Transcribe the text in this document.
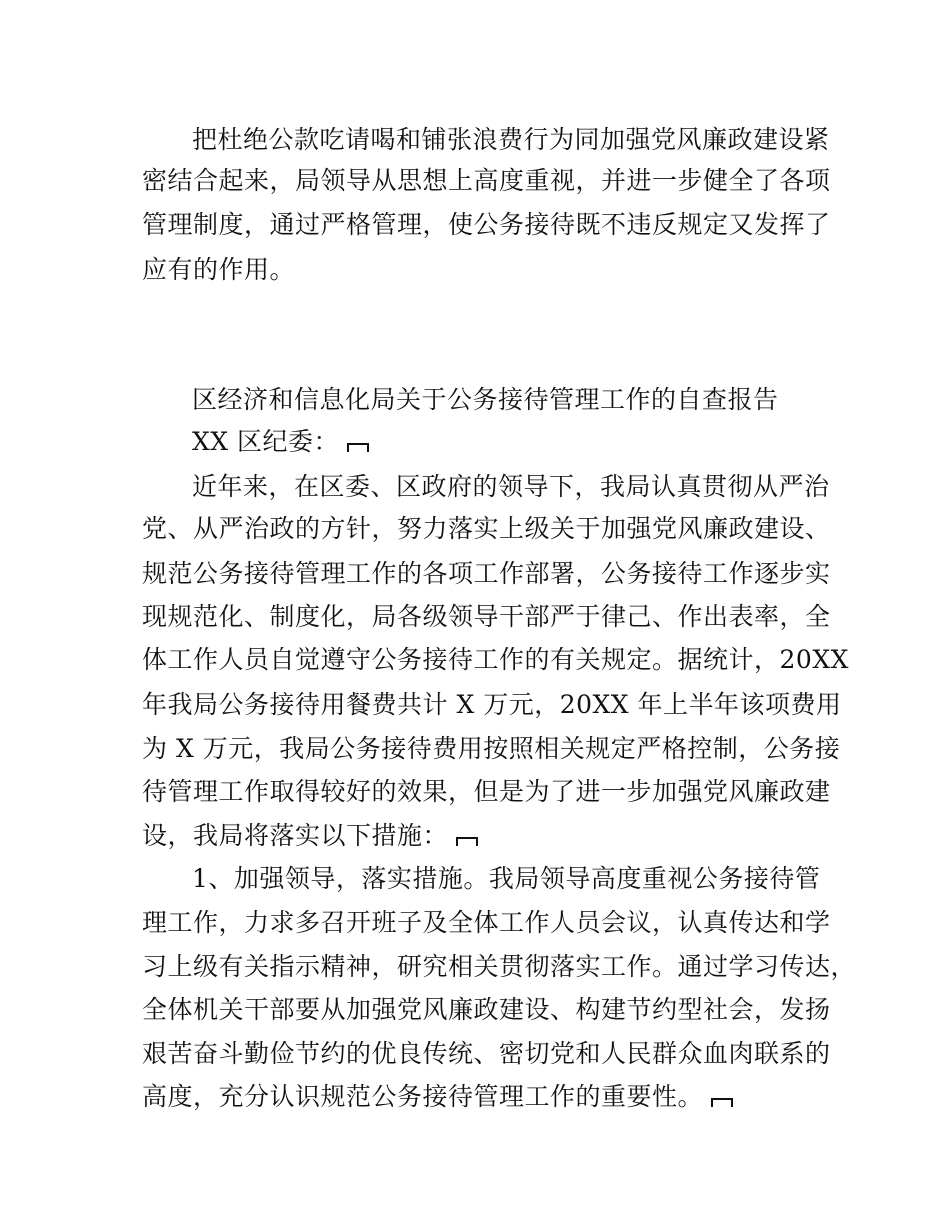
把杜绝公款吃请喝和铺张浪费行为同加强党风廉政建设紧
密结合起来，局领导从思想上高度重视，并进一步健全了各项
管理制度，通过严格管理，使公务接待既不违反规定又发挥了
应有的作用。
区经济和信息化局关于公务接待管理工作的自查报告
XX 区纪委：
近年来，在区委、区政府的领导下，我局认真贯彻从严治
党、从严治政的方针，努力落实上级关于加强党风廉政建设、
规范公务接待管理工作的各项工作部署，公务接待工作逐步实
现规范化、制度化，局各级领导干部严于律己、作出表率，全
体工作人员自觉遵守公务接待工作的有关规定。据统计，20XX
年我局公务接待用餐费共计 X 万元，20XX 年上半年该项费用
为 X 万元，我局公务接待费用按照相关规定严格控制，公务接
待管理工作取得较好的效果，但是为了进一步加强党风廉政建
设，我局将落实以下措施：
1、加强领导，落实措施。我局领导高度重视公务接待管
理工作，力求多召开班子及全体工作人员会议，认真传达和学
习上级有关指示精神，研究相关贯彻落实工作。通过学习传达，
全体机关干部要从加强党风廉政建设、构建节约型社会，发扬
艰苦奋斗勤俭节约的优良传统、密切党和人民群众血肉联系的
高度，充分认识规范公务接待管理工作的重要性。
